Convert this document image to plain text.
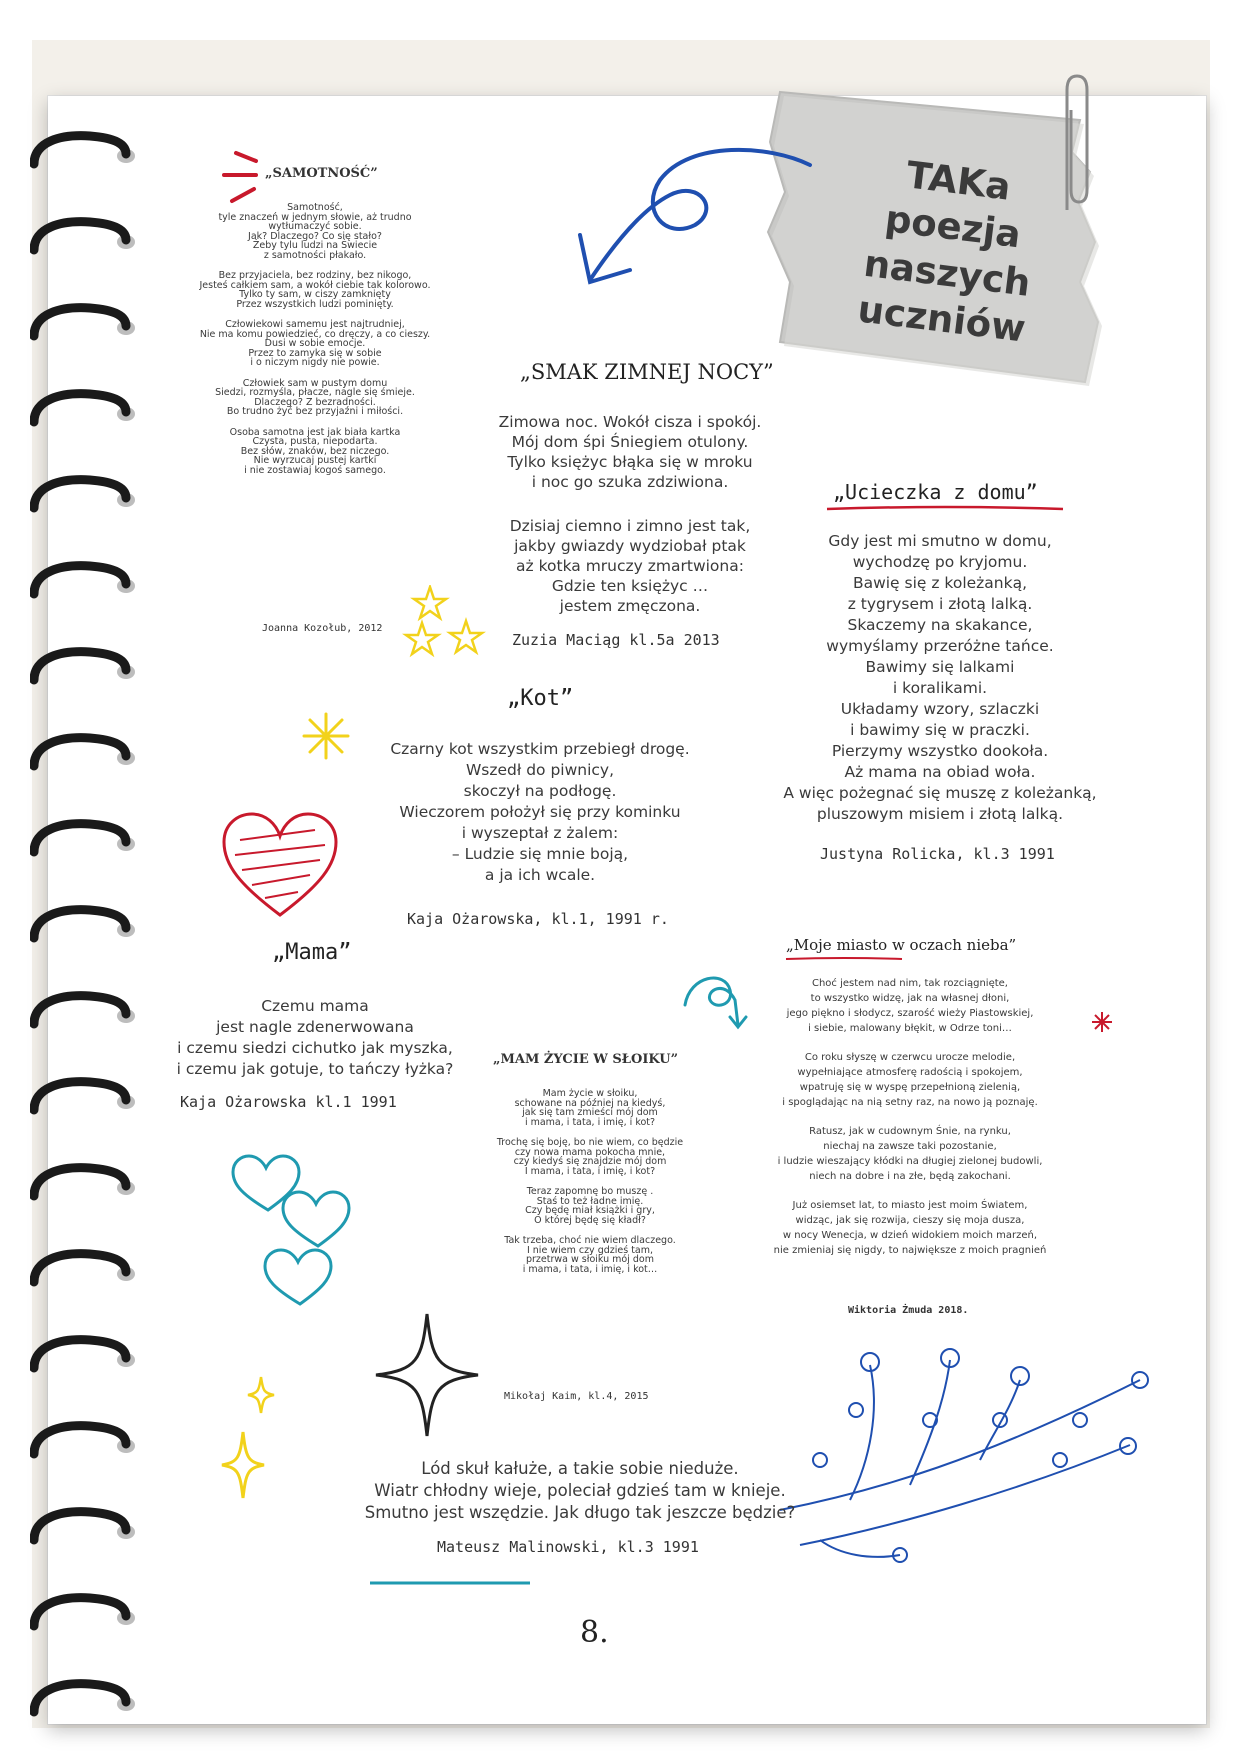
TAKa
poezja naszych
uczniów
„SAMOTNOŚĆ”
Samotność,
tyle znaczeń w jednym słowie, aż trudno
wytłumaczyć sobie.
Jak? Dlaczego? Co się stało?
Żeby tylu ludzi na Świecie
z samotności płakało.
Bez przyjaciela, bez rodziny, bez nikogo,
Jesteś całkiem sam, a wokół ciebie tak kolorowo.
Tylko ty sam, w ciszy zamknięty
Przez wszystkich ludzi pominięty.
Człowiekowi samemu jest najtrudniej,
Nie ma komu powiedzieć, co dręczy, a co cieszy.
Dusi w sobie emocje.
Przez to zamyka się w sobie
i o niczym nigdy nie powie.
Człowiek sam w pustym domu
Siedzi, rozmyśla, płacze, nagle się śmieje.
Dlaczego? Z bezradności.
Bo trudno żyć bez przyjaźni i miłości.
Osoba samotna jest jak biała kartka
Czysta, pusta, niepodarta.
Bez słów, znaków, bez niczego.
Nie wyrzucaj pustej kartki
i nie zostawiaj kogoś samego.
Joanna Kozołub, 2012
„SMAK ZIMNEJ NOCY”
Zimowa noc. Wokół cisza i spokój.
Mój dom śpi Śniegiem otulony.
Tylko księżyc błąka się w mroku
i noc go szuka zdziwiona.
Dzisiaj ciemno i zimno jest tak,
jakby gwiazdy wydziobał ptak
aż kotka mruczy zmartwiona:
Gdzie ten księżyc …
jestem zmęczona.
Zuzia Maciąg kl.5a 2013
„Ucieczka z domu”
Gdy jest mi smutno w domu,
wychodzę po kryjomu.
Bawię się z koleżanką,
z tygrysem i złotą lalką.
Skaczemy na skakance,
wymyślamy przeróżne tańce.
Bawimy się lalkami
i koralikami.
Układamy wzory, szlaczki
i bawimy się w praczki.
Pierzymy wszystko dookoła.
Aż mama na obiad woła.
A więc pożegnać się muszę z koleżanką,
pluszowym misiem i złotą lalką.
Justyna Rolicka, kl.3 1991
„Kot”
Czarny kot wszystkim przebiegł drogę.
Wszedł do piwnicy,
skoczył na podłogę.
Wieczorem położył się przy kominku
i wyszeptał z żalem:
– Ludzie się mnie boją,
a ja ich wcale.
Kaja Ożarowska, kl.1, 1991 r.
„Mama”
Czemu mama
jest nagle zdenerwowana
i czemu siedzi cichutko jak myszka,
i czemu jak gotuje, to tańczy łyżka?
Kaja Ożarowska kl.1 1991
„MAM ŻYCIE W SŁOIKU”
Mam życie w słoiku,
schowane na później na kiedyś,
jak się tam zmieści mój dom
i mama, i tata, i imię, i kot?
Trochę się boję, bo nie wiem, co będzie
czy nowa mama pokocha mnie,
czy kiedyś się znajdzie mój dom
I mama, i tata, i imię, i kot?
Teraz zapomnę bo muszę .
Staś to też ładne imię.
Czy będę miał książki i gry,
O której będę się kładł?
Tak trzeba, choć nie wiem dlaczego.
I nie wiem czy gdzieś tam,
przetrwa w słoiku mój dom
i mama, i tata, i imię, i kot…
Mikołaj Kaim, kl.4, 2015
„Moje miasto w oczach nieba”
Choć jestem nad nim, tak rozciągnięte,
to wszystko widzę, jak na własnej dłoni,
jego piękno i słodycz, szarość wieży Piastowskiej,
i siebie, malowany błękit, w Odrze toni…
Co roku słyszę w czerwcu urocze melodie,
wypełniające atmosferę radością i spokojem,
wpatruję się w wyspę przepełnioną zielenią,
i spoglądając na nią setny raz, na nowo ją poznaję.
Ratusz, jak w cudownym Śnie, na rynku,
niechaj na zawsze taki pozostanie,
i ludzie wieszający kłódki na długiej zielonej budowli,
niech na dobre i na złe, będą zakochani.
Już osiemset lat, to miasto jest moim Światem,
widząc, jak się rozwija, cieszy się moja dusza,
w nocy Wenecja, w dzień widokiem moich marzeń,
nie zmieniaj się nigdy, to największe z moich pragnień
Wiktoria Żmuda 2018.
Lód skuł kałuże, a takie sobie nieduże.
Wiatr chłodny wieje, poleciał gdzieś tam w knieje.
Smutno jest wszędzie. Jak długo tak jeszcze będzie?
Mateusz Malinowski, kl.3 1991
8.
